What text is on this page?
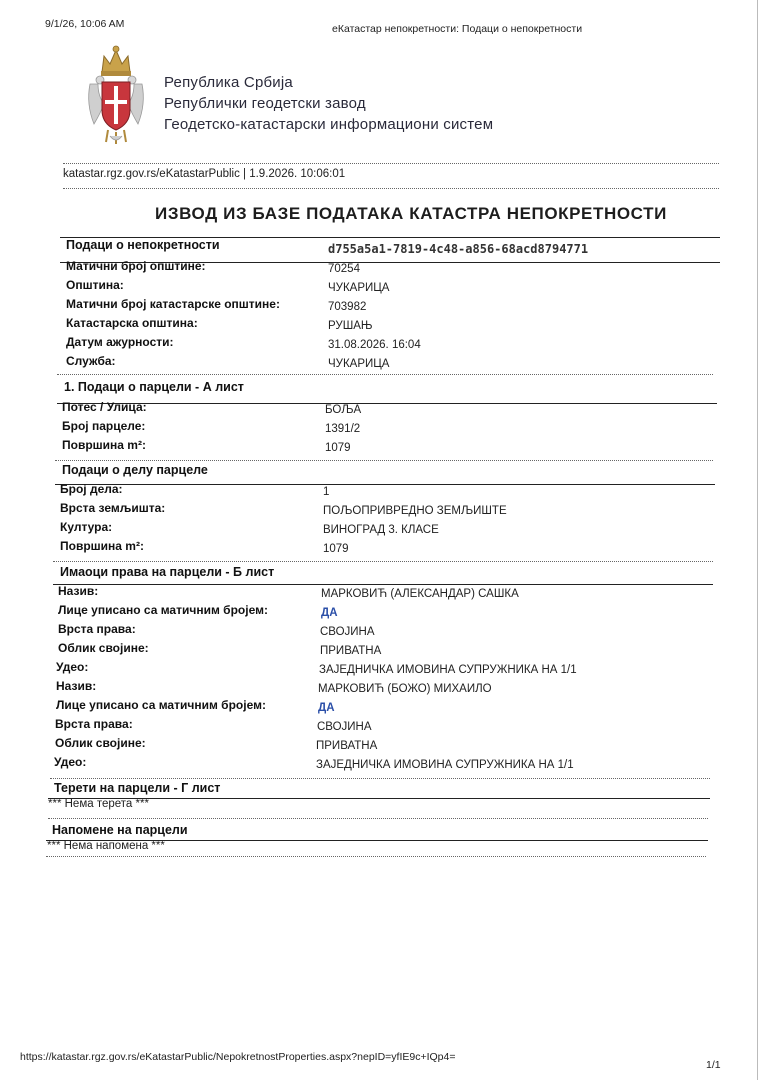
9/1/26, 10:06 AM	еКатастар непокретности: Подаци о непокретности
Република Србија
Републички геодетски завод
Геодетско-катастарски информациони систем
katastar.rgz.gov.rs/eKatastarPublic | 1.9.2026. 10:06:01
ИЗВОД ИЗ БАЗЕ ПОДАТАКА КАТАСТРА НЕПОКРЕТНОСТИ
Подаци о непокретности	d755a5a1-7819-4c48-a856-68acd8794771
Матични број општине:	70254
Општина:	ЧУКАРИЦА
Матични број катастарске општине:	703982
Катастарска општина:	РУШАЊ
Датум ажурности:	31.08.2026. 16:04
Служба:	ЧУКАРИЦА
1. Подаци о парцели - А лист
Потес / Улица:	БОЉА
Број парцеле:	1391/2
Површина m²:	1079
Подаци о делу парцеле
Број дела:	1
Врста земљишта:	ПОЉОПРИВРЕДНО ЗЕМЉИШТЕ
Култура:	ВИНОГРАД 3. КЛАСЕ
Површина m²:	1079
Имаоци права на парцели - Б лист
Назив:	МАРКОВИЋ (АЛЕКСАНДАР) САШКА
Лице уписано са матичним бројем:	ДА
Врста права:	СВОЈИНА
Облик својине:	ПРИВАТНА
Удео:	ЗАЈЕДНИЧКА ИМОВИНА СУПРУЖНИКА НА 1/1
Назив:	МАРКОВИЋ (БОЖО) МИХАИЛО
Лице уписано са матичним бројем:	ДА
Врста права:	СВОЈИНА
Облик својине:	ПРИВАТНА
Удео:	ЗАЈЕДНИЧКА ИМОВИНА СУПРУЖНИКА НА 1/1
Терети на парцели - Г лист
*** Нема терета ***
Напомене на парцели
*** Нема напомена ***
https://katastar.rgz.gov.rs/eKatastarPublic/NepokretnostProperties.aspx?nepID=yfIE9c+IQp4=
1/1
